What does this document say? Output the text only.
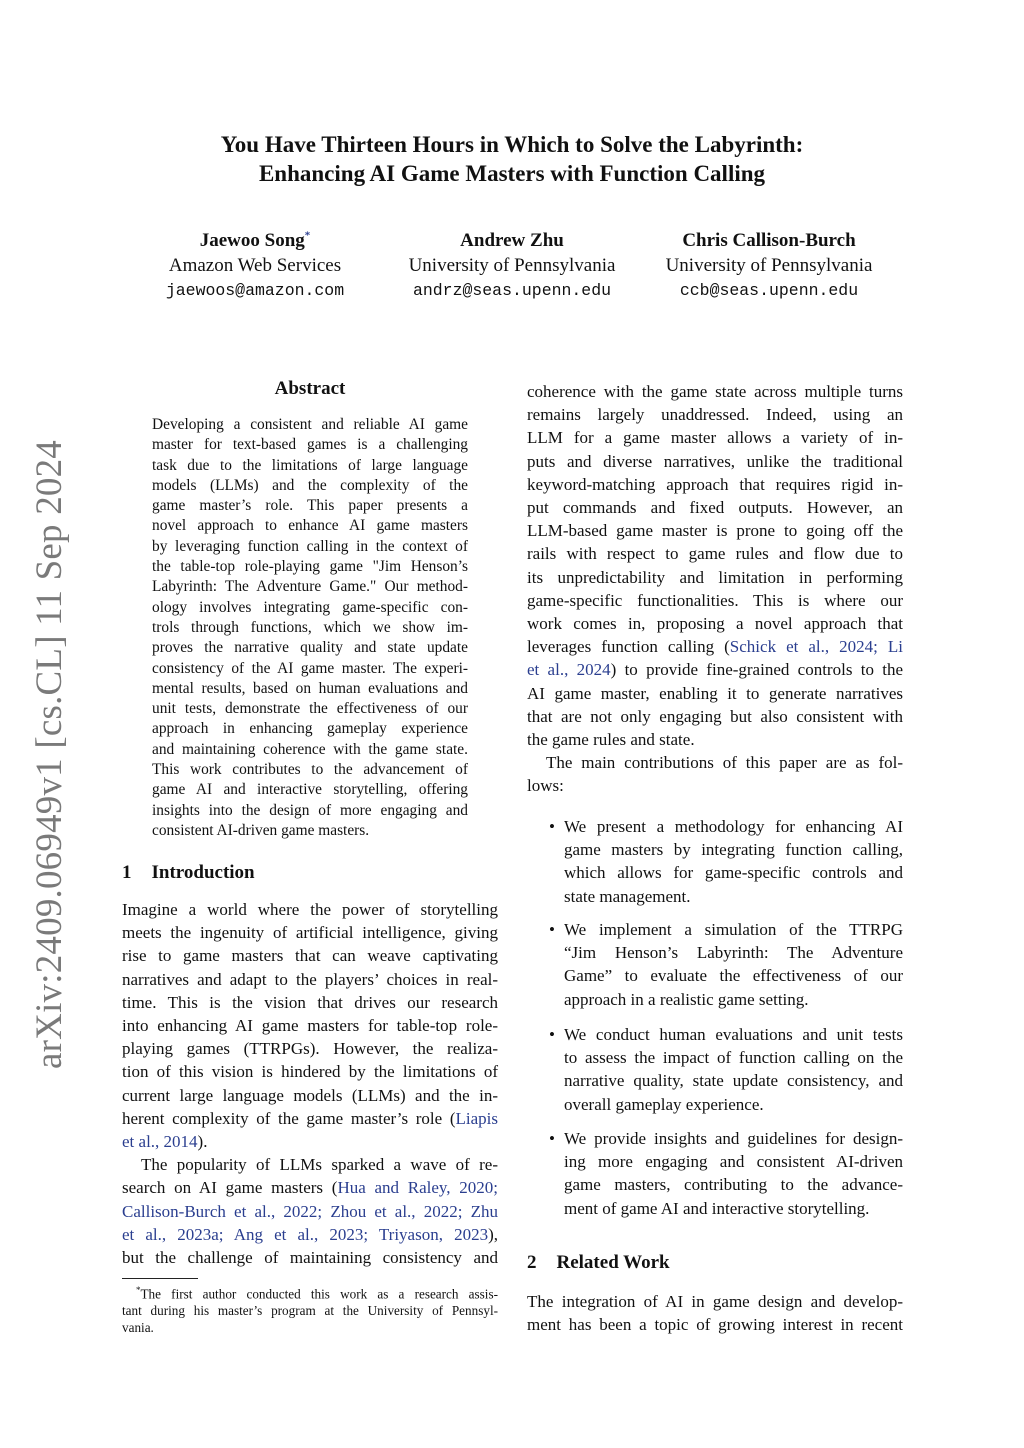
arXiv:2409.06949v1 [cs.CL] 11 Sep 2024
You Have Thirteen Hours in Which to Solve the Labyrinth:
Enhancing AI Game Masters with Function Calling
Jaewoo Song*
Amazon Web Services
jaewoos@amazon.com
Andrew Zhu
University of Pennsylvania
andrz@seas.upenn.edu
Chris Callison-Burch
University of Pennsylvania
ccb@seas.upenn.edu
Abstract
Developing a consistent and reliable AI game
master for text-based games is a challenging
task due to the limitations of large language
models (LLMs) and the complexity of the
game master’s role. This paper presents a
novel approach to enhance AI game masters
by leveraging function calling in the context of
the table-top role-playing game "Jim Henson’s
Labyrinth: The Adventure Game." Our method-
ology involves integrating game-specific con-
trols through functions, which we show im-
proves the narrative quality and state update
consistency of the AI game master. The experi-
mental results, based on human evaluations and
unit tests, demonstrate the effectiveness of our
approach in enhancing gameplay experience
and maintaining coherence with the game state.
This work contributes to the advancement of
game AI and interactive storytelling, offering
insights into the design of more engaging and
consistent AI-driven game masters.
1 Introduction
Imagine a world where the power of storytelling
meets the ingenuity of artificial intelligence, giving
rise to game masters that can weave captivating
narratives and adapt to the players’ choices in real-
time. This is the vision that drives our research
into enhancing AI game masters for table-top role-
playing games (TTRPGs). However, the realiza-
tion of this vision is hindered by the limitations of
current large language models (LLMs) and the in-
herent complexity of the game master’s role (Liapis
et al., 2014).
The popularity of LLMs sparked a wave of re-
search on AI game masters (Hua and Raley, 2020;
Callison-Burch et al., 2022; Zhou et al., 2022; Zhu
et al., 2023a; Ang et al., 2023; Triyason, 2023),
but the challenge of maintaining consistency and
*The first author conducted this work as a research assis-
tant during his master’s program at the University of Pennsyl-
vania.
coherence with the game state across multiple turns
remains largely unaddressed. Indeed, using an
LLM for a game master allows a variety of in-
puts and diverse narratives, unlike the traditional
keyword-matching approach that requires rigid in-
put commands and fixed outputs. However, an
LLM-based game master is prone to going off the
rails with respect to game rules and flow due to
its unpredictability and limitation in performing
game-specific functionalities. This is where our
work comes in, proposing a novel approach that
leverages function calling (Schick et al., 2024; Li
et al., 2024) to provide fine-grained controls to the
AI game master, enabling it to generate narratives
that are not only engaging but also consistent with
the game rules and state.
The main contributions of this paper are as fol-
lows:
• We present a methodology for enhancing AI
game masters by integrating function calling,
which allows for game-specific controls and
state management.
• We implement a simulation of the TTRPG
“Jim Henson’s Labyrinth: The Adventure
Game” to evaluate the effectiveness of our
approach in a realistic game setting.
• We conduct human evaluations and unit tests
to assess the impact of function calling on the
narrative quality, state update consistency, and
overall gameplay experience.
• We provide insights and guidelines for design-
ing more engaging and consistent AI-driven
game masters, contributing to the advance-
ment of game AI and interactive storytelling.
2 Related Work
The integration of AI in game design and develop-
ment has been a topic of growing interest in recent
